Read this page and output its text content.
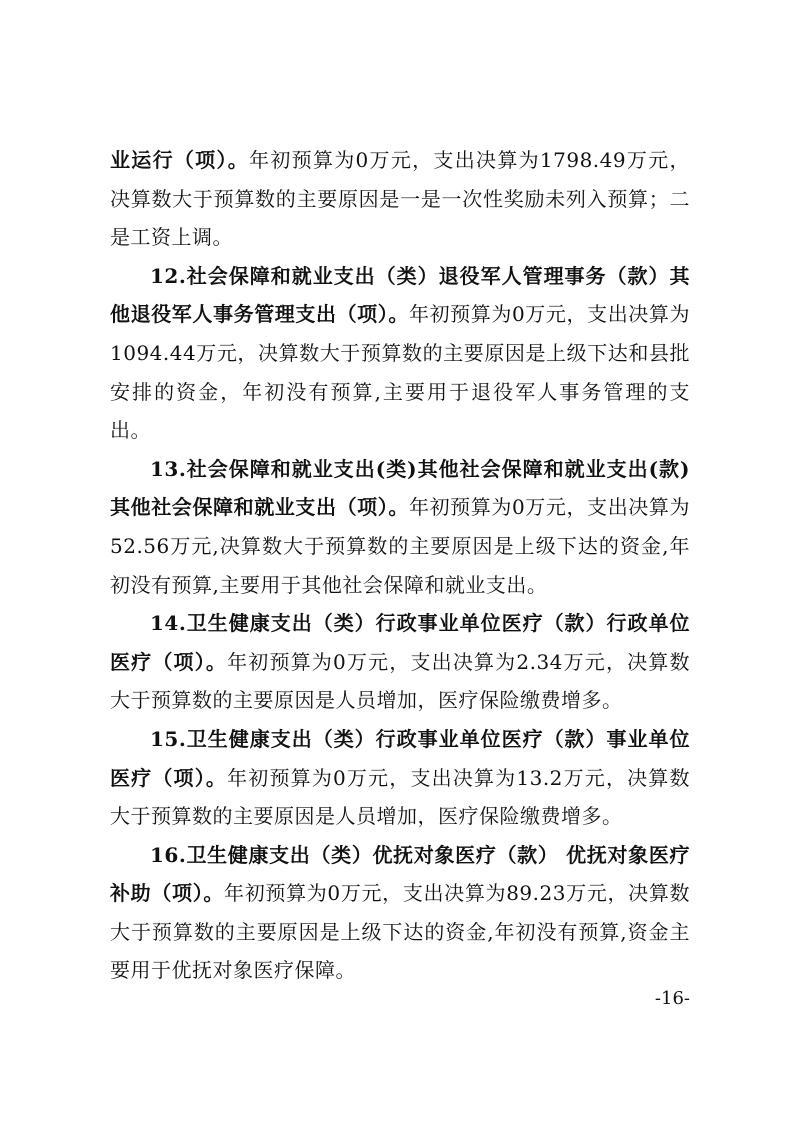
业运行（项）。年初预算为0万元，支出决算为1798.49万元，决算数大于预算数的主要原因是一是一次性奖励未列入预算；二是工资上调。

12.社会保障和就业支出（类）退役军人管理事务（款）其他退役军人事务管理支出（项）。年初预算为0万元，支出决算为1094.44万元，决算数大于预算数的主要原因是上级下达和县批安排的资金，年初没有预算,主要用于退役军人事务管理的支出。

13.社会保障和就业支出(类)其他社会保障和就业支出(款)其他社会保障和就业支出（项）。年初预算为0万元，支出决算为52.56万元,决算数大于预算数的主要原因是上级下达的资金,年初没有预算,主要用于其他社会保障和就业支出。

14.卫生健康支出（类）行政事业单位医疗（款）行政单位医疗（项）。年初预算为0万元，支出决算为2.34万元，决算数大于预算数的主要原因是人员增加，医疗保险缴费增多。

15.卫生健康支出（类）行政事业单位医疗（款）事业单位医疗（项）。年初预算为0万元，支出决算为13.2万元，决算数大于预算数的主要原因是人员增加，医疗保险缴费增多。

16.卫生健康支出（类）优抚对象医疗（款） 优抚对象医疗补助（项）。年初预算为0万元，支出决算为89.23万元，决算数大于预算数的主要原因是上级下达的资金,年初没有预算,资金主要用于优抚对象医疗保障。

-16-
